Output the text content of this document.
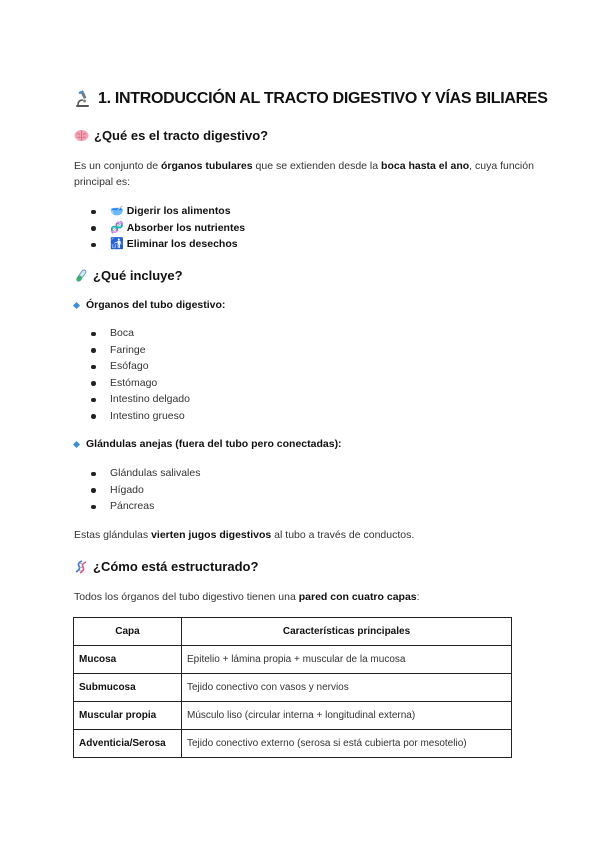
1. INTRODUCCIÓN AL TRACTO DIGESTIVO Y VÍAS BILIARES
¿Qué es el tracto digestivo?
Es un conjunto de órganos tubulares que se extienden desde la boca hasta el ano, cuya función principal es:
🥣 Digerir los alimentos
🧬 Absorber los nutrientes
🚮 Eliminar los desechos
¿Qué incluye?
Órganos del tubo digestivo:
Boca
Faringe
Esófago
Estómago
Intestino delgado
Intestino grueso
Glándulas anejas (fuera del tubo pero conectadas):
Glándulas salivales
Hígado
Páncreas
Estas glándulas vierten jugos digestivos al tubo a través de conductos.
¿Cómo está estructurado?
Todos los órganos del tubo digestivo tienen una pared con cuatro capas:
Capa	Características principales
Mucosa	Epitelio + lámina propia + muscular de la mucosa
Submucosa	Tejido conectivo con vasos y nervios
Muscular propia	Músculo liso (circular interna + longitudinal externa)
Adventicia/Serosa	Tejido conectivo externo (serosa si está cubierta por mesotelio)
